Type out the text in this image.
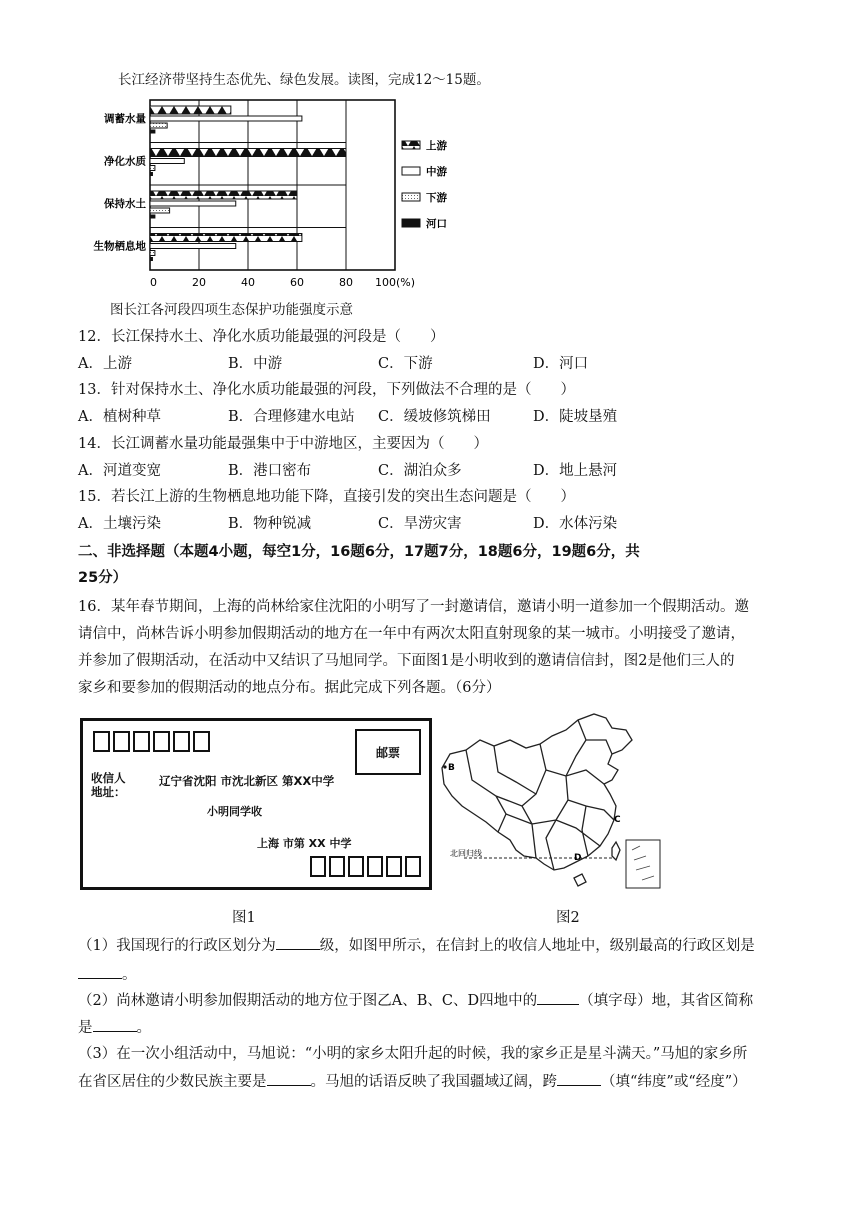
长江经济带坚持生态优先、绿色发展。读图，完成12～15题。
调蓄水量
净化水质
保持水土
生物栖息地
0	20	40	60	80 100(%)
上游
中游
下游
河口
图长江各河段四项生态保护功能强度示意
12．长江保持水土、净化水质功能最强的河段是（　　）
A．上游	B．中游	C．下游	D．河口
13．针对保持水土、净化水质功能最强的河段，下列做法不合理的是（　　）
A．植树种草	B．合理修建水电站 C．缓坡修筑梯田	D．陡坡垦殖
14．长江调蓄水量功能最强集中于中游地区，主要因为（　　）
A．河道变宽	B．港口密布	C．湖泊众多	D．地上悬河
15．若长江上游的生物栖息地功能下降，直接引发的突出生态问题是（　　）
A．土壤污染	B．物种锐减	C．旱涝灾害	D．水体污染
二、非选择题（本题4小题，每空1分，16题6分，17题7分，18题6分，19题6分，共
25分）
16．某年春节期间，上海的尚林给家住沈阳的小明写了一封邀请信，邀请小明一道参加一个假期活动。邀
请信中，尚林告诉小明参加假期活动的地方在一年中有两次太阳直射现象的某一城市。小明接受了邀请，
并参加了假期活动，在活动中又结识了马旭同学。下面图1是小明收到的邀请信信封，图2是他们三人的
家乡和要参加的假期活动的地点分布。据此完成下列各题。（6分）
邮票
收信人
地址：
辽宁省沈阳 市沈北新区 第XX中学
小明同学收
上海 市第 XX 中学
图1
北回归线
B
C
D
图2
（1）我国现行的行政区划分为	级，如图甲所示，在信封上的收信人地址中，级别最高的行政区划是
。
（2）尚林邀请小明参加假期活动的地方位于图乙A、B、C、D四地中的	（填字母）地，其省区简称
是	。
（3）在一次小组活动中，马旭说：“小明的家乡太阳升起的时候，我的家乡正是星斗满天。”马旭的家乡所
在省区居住的少数民族主要是	。马旭的话语反映了我国疆域辽阔，跨	（填“纬度”或“经度”）
